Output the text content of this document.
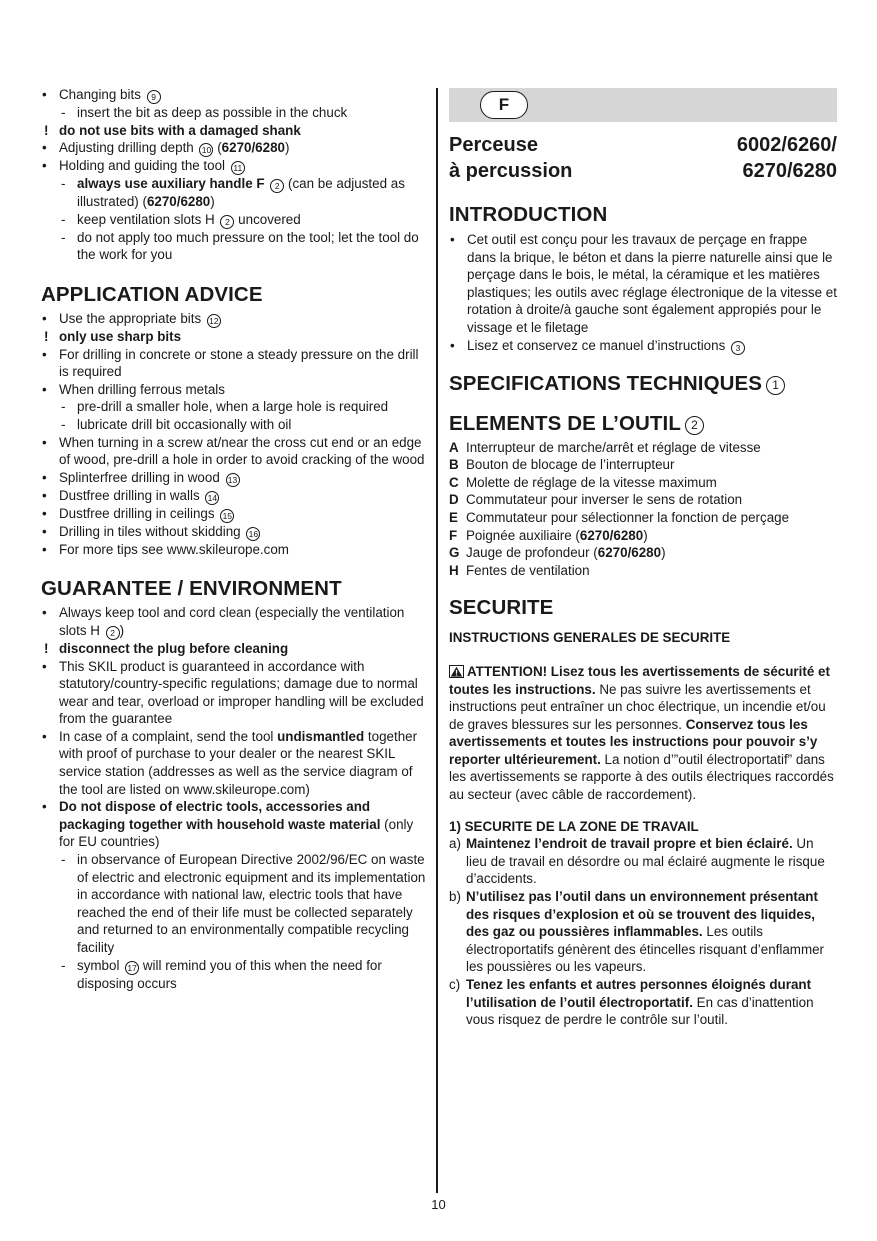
• Changing bits 9
- insert the bit as deep as possible in the chuck
! do not use bits with a damaged shank
• Adjusting drilling depth 10 (6270/6280)
• Holding and guiding the tool 11
- always use auxiliary handle F 2 (can be adjusted as illustrated) (6270/6280)
- keep ventilation slots H 2 uncovered
- do not apply too much pressure on the tool; let the tool do the work for you
APPLICATION ADVICE
• Use the appropriate bits 12
! only use sharp bits
• For drilling in concrete or stone a steady pressure on the drill is required
• When drilling ferrous metals
- pre-drill a smaller hole, when a large hole is required
- lubricate drill bit occasionally with oil
• When turning in a screw at/near the cross cut end or an edge of wood, pre-drill a hole in order to avoid cracking of the wood
• Splinterfree drilling in wood 13
• Dustfree drilling in walls 14
• Dustfree drilling in ceilings 15
• Drilling in tiles without skidding 16
• For more tips see www.skileurope.com
GUARANTEE / ENVIRONMENT
• Always keep tool and cord clean (especially the ventilation slots H 2 )
! disconnect the plug before cleaning
• This SKIL product is guaranteed in accordance with statutory/country-specific regulations; damage due to normal wear and tear, overload or improper handling will be excluded from the guarantee
• In case of a complaint, send the tool undismantled together with proof of purchase to your dealer or the nearest SKIL service station (addresses as well as the service diagram of the tool are listed on www.skileurope.com)
• Do not dispose of electric tools, accessories and packaging together with household waste material (only for EU countries)
- in observance of European Directive 2002/96/EC on waste of electric and electronic equipment and its implementation in accordance with national law, electric tools that have reached the end of their life must be collected separately and returned to an environmentally compatible recycling facility
- symbol 17 will remind you of this when the need for disposing occurs
F
Perceuse
à percussion
6002/6260/
6270/6280
INTRODUCTION
• Cet outil est conçu pour les travaux de perçage en frappe dans la brique, le béton et dans la pierre naturelle ainsi que le perçage dans le bois, le métal, la céramique et les matières plastiques; les outils avec réglage électronique de la vitesse et rotation à droite/à gauche sont également appropiés pour le vissage et le filetage
• Lisez et conservez ce manuel d’instructions 3
SPECIFICATIONS TECHNIQUES 1
ELEMENTS DE L’OUTIL 2
A Interrupteur de marche/arrêt et réglage de vitesse
B Bouton de blocage de l’interrupteur
C Molette de réglage de la vitesse maximum
D Commutateur pour inverser le sens de rotation
E Commutateur pour sélectionner la fonction de perçage
F Poignée auxiliaire (6270/6280)
G Jauge de profondeur (6270/6280)
H Fentes de ventilation
SECURITE
INSTRUCTIONS GENERALES DE SECURITE

ATTENTION! Lisez tous les avertissements de sécurité et toutes les instructions. Ne pas suivre les avertissements et instructions peut entraîner un choc électrique, un incendie et/ou de graves blessures sur les personnes. Conservez tous les avertissements et toutes les instructions pour pouvoir s’y reporter ultérieurement. La notion d’”outil électroportatif” dans les avertissements se rapporte à des outils électriques raccordés au secteur (avec câble de raccordement).

1) SECURITE DE LA ZONE DE TRAVAIL
a) Maintenez l’endroit de travail propre et bien éclairé. Un lieu de travail en désordre ou mal éclairé augmente le risque d’accidents.
b) N’utilisez pas l’outil dans un environnement présentant des risques d’explosion et où se trouvent des liquides, des gaz ou poussières inflammables. Les outils électroportatifs génèrent des étincelles risquant d’enflammer les poussières ou les vapeurs.
c) Tenez les enfants et autres personnes éloignés durant l’utilisation de l’outil électroportatif. En cas d’inattention vous risquez de perdre le contrôle sur l’outil.
10
